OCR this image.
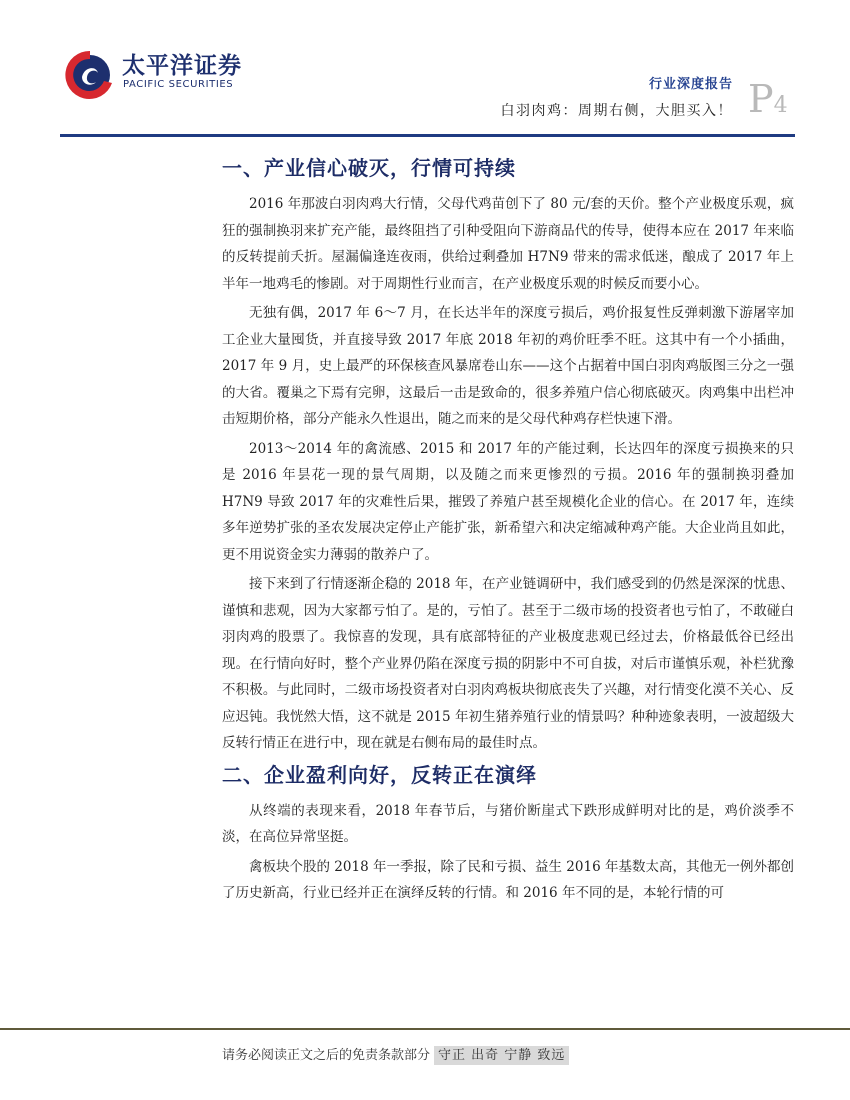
太平洋证券
PACIFIC SECURITIES	行业深度报告
白羽肉鸡：周期右侧，大胆买入！ P4
一、产业信心破灭，行情可持续

2016 年那波白羽肉鸡大行情，父母代鸡苗创下了 80 元/套的天价。整个产业极度乐观，疯狂的强制换羽来扩充产能，最终阻挡了引种受阻向下游商品代的传导，使得本应在 2017 年来临的反转提前夭折。屋漏偏逢连夜雨，供给过剩叠加 H7N9 带来的需求低迷，酿成了 2017 年上半年一地鸡毛的惨剧。对于周期性行业而言，在产业极度乐观的时候反而要小心。

无独有偶，2017 年 6～7 月，在长达半年的深度亏损后，鸡价报复性反弹刺激下游屠宰加工企业大量囤货，并直接导致 2017 年底 2018 年初的鸡价旺季不旺。这其中有一个小插曲，2017 年 9 月，史上最严的环保核查风暴席卷山东——这个占据着中国白羽肉鸡版图三分之一强的大省。覆巢之下焉有完卵，这最后一击是致命的，很多养殖户信心彻底破灭。肉鸡集中出栏冲击短期价格，部分产能永久性退出，随之而来的是父母代种鸡存栏快速下滑。

2013～2014 年的禽流感、2015 和 2017 年的产能过剩，长达四年的深度亏损换来的只是 2016 年昙花一现的景气周期，以及随之而来更惨烈的亏损。2016 年的强制换羽叠加 H7N9 导致 2017 年的灾难性后果，摧毁了养殖户甚至规模化企业的信心。在 2017 年，连续多年逆势扩张的圣农发展决定停止产能扩张，新希望六和决定缩减种鸡产能。大企业尚且如此，更不用说资金实力薄弱的散养户了。

接下来到了行情逐渐企稳的 2018 年，在产业链调研中，我们感受到的仍然是深深的忧患、谨慎和悲观，因为大家都亏怕了。是的，亏怕了。甚至于二级市场的投资者也亏怕了，不敢碰白羽肉鸡的股票了。我惊喜的发现，具有底部特征的产业极度悲观已经过去，价格最低谷已经出现。在行情向好时，整个产业界仍陷在深度亏损的阴影中不可自拔，对后市谨慎乐观，补栏犹豫不积极。与此同时，二级市场投资者对白羽肉鸡板块彻底丧失了兴趣，对行情变化漠不关心、反应迟钝。我恍然大悟，这不就是 2015 年初生猪养殖行业的情景吗？种种迹象表明，一波超级大反转行情正在进行中，现在就是右侧布局的最佳时点。

二、企业盈利向好，反转正在演绎

从终端的表现来看，2018 年春节后，与猪价断崖式下跌形成鲜明对比的是，鸡价淡季不淡，在高位异常坚挺。

禽板块个股的 2018 年一季报，除了民和亏损、益生 2016 年基数太高，其他无一例外都创了历史新高，行业已经并正在演绎反转的行情。和 2016 年不同的是，本轮行情的可

请务必阅读正文之后的免责条款部分 守正 出奇 宁静 致远
